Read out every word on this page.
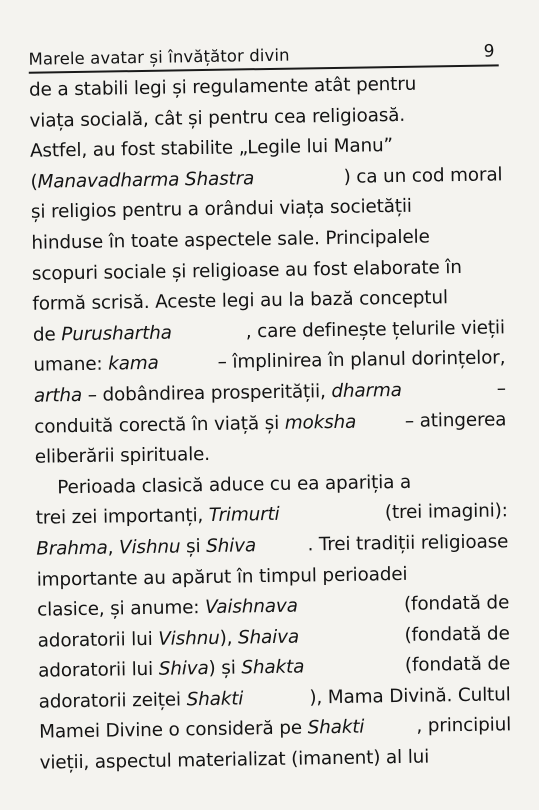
Marele avatar și învățător divin	9
de a stabili legi și regulamente atât pentru
viața socială, cât și pentru cea religioasă.
Astfel, au fost stabilite „Legile lui Manu”
(Manavadharma Shastra	) ca un cod moral
și religios pentru a orândui viața societății
hinduse în toate aspectele sale. Principalele
scopuri sociale și religioase au fost elaborate în
formă scrisă. Aceste legi au la bază conceptul
de Purushartha	, care definește țelurile vieții
umane: kama	– împlinirea în planul dorințelor,
artha – dobândirea prosperității, dharma	–
conduită corectă în viață și moksha	– atingerea
eliberării spirituale.
Perioada clasică aduce cu ea apariția a
trei zei importanți, Trimurti	(trei imagini):
Brahma, Vishnu și Shiva	. Trei tradiții religioase
importante au apărut în timpul perioadei
clasice, și anume: Vaishnava	(fondată de
adoratorii lui Vishnu), Shaiva	(fondată de
adoratorii lui Shiva) și Shakta	(fondată de
adoratorii zeiței Shakti	), Mama Divină. Cultul
Mamei Divine o consideră pe Shakti	, principiul
vieții, aspectul materializat (imanent) al lui
